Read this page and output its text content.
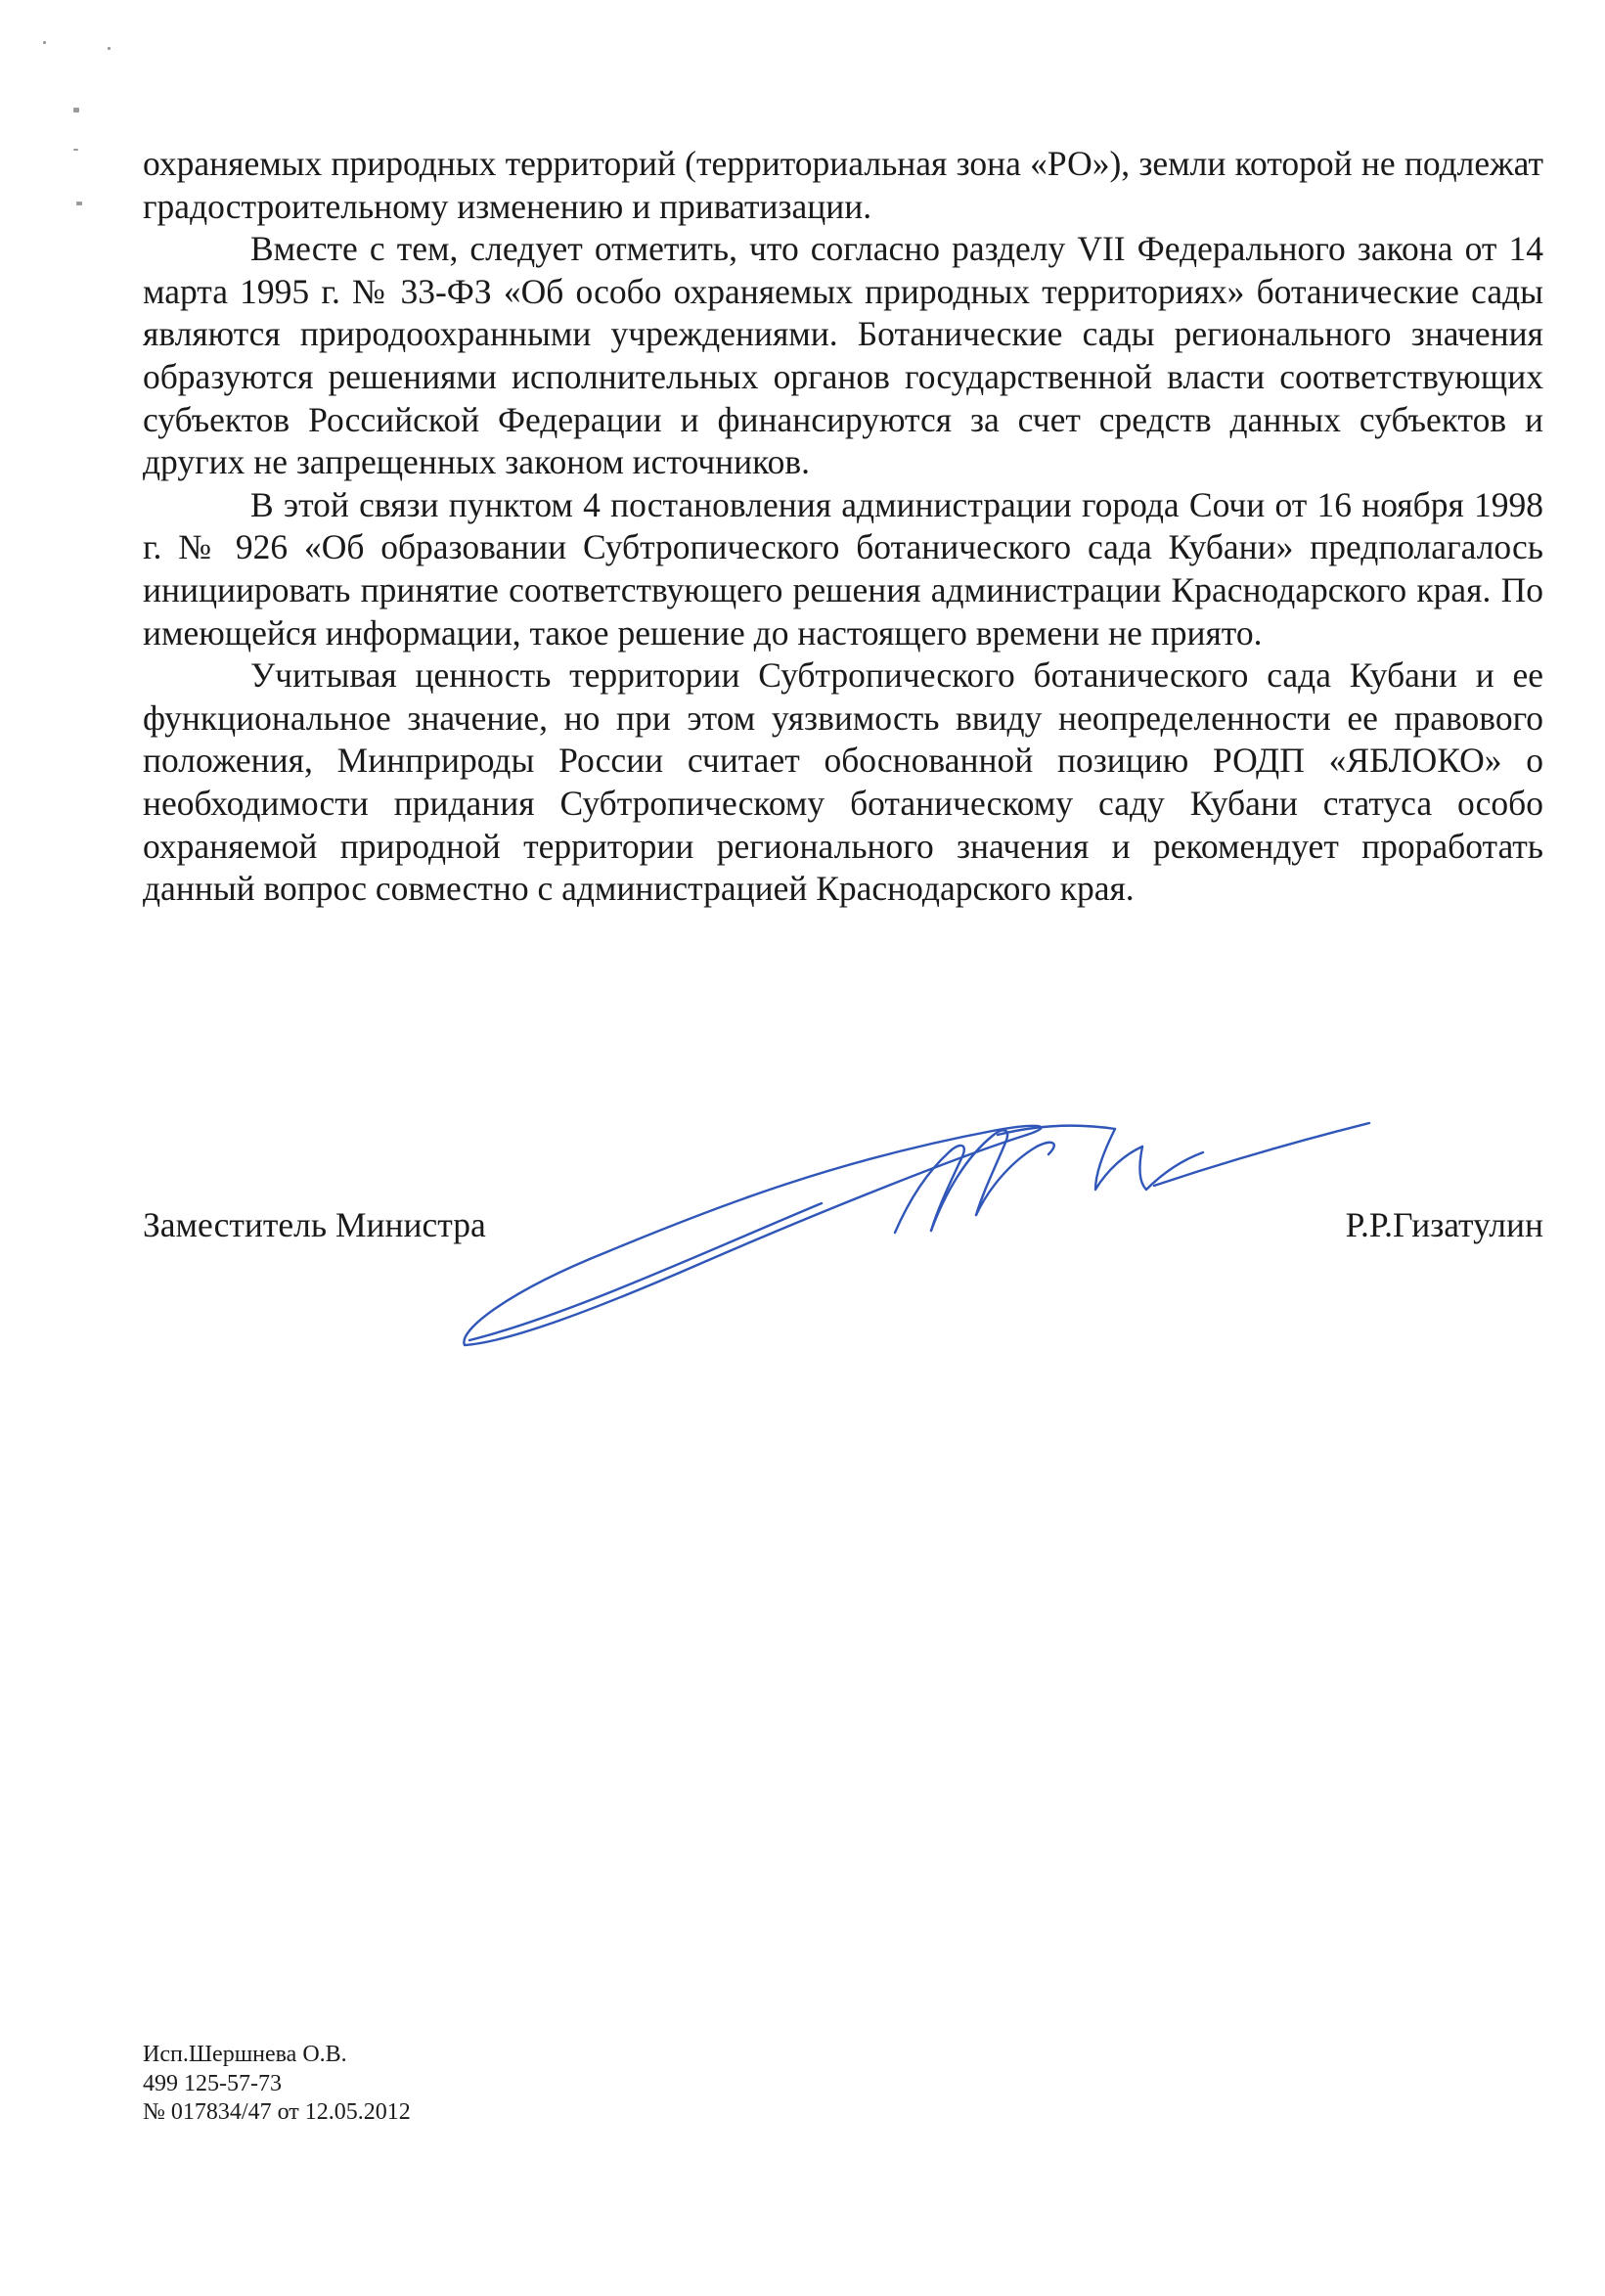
охраняемых природных территорий (территориальная зона «РО»), земли которой не подлежат градостроительному изменению и приватизации.

Вместе с тем, следует отметить, что согласно разделу VII Федерального закона от 14 марта 1995 г. № 33-ФЗ «Об особо охраняемых природных территориях» ботанические сады являются природоохранными учреждениями. Ботанические сады регионального значения образуются решениями исполнительных органов государственной власти соответствующих субъектов Российской Федерации и финансируются за счет средств данных субъектов и других не запрещенных законом источников.

В этой связи пунктом 4 постановления администрации города Сочи от 16 ноября 1998 г. № 926 «Об образовании Субтропического ботанического сада Кубани» предполагалось инициировать принятие соответствующего решения администрации Краснодарского края. По имеющейся информации, такое решение до настоящего времени не приято.

Учитывая ценность территории Субтропического ботанического сада Кубани и ее функциональное значение, но при этом уязвимость ввиду неопределенности ее правового положения, Минприроды России считает обоснованной позицию РОДП «ЯБЛОКО» о необходимости придания Субтропическому ботаническому саду Кубани статуса особо охраняемой природной территории регионального значения и рекомендует проработать данный вопрос совместно с администрацией Краснодарского края.

Заместитель Министра	Р.Р.Гизатулин
Исп.Шершнева О.В.
499 125-57-73
№ 017834/47 от 12.05.2012
